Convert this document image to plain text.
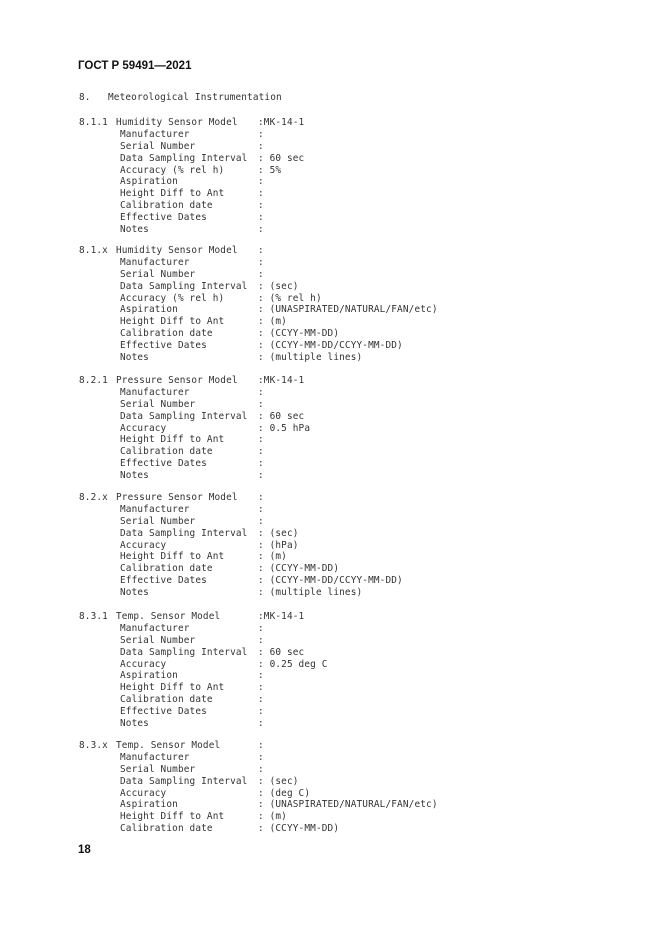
ГОСТ Р 59491—2021
8. Meteorological Instrumentation
8.1.1 Humidity Sensor Model :MK-14-1
Manufacturer	:
Serial Number	:
Data Sampling Interval : 60 sec
Accuracy (% rel h)	: 5%
Aspiration	:
Height Diff to Ant	:
Calibration date	:
Effective Dates	:
Notes	:
8.1.x Humidity Sensor Model :
Manufacturer	:
Serial Number	:
Data Sampling Interval : (sec)
Accuracy (% rel h)	: (% rel h)
Aspiration	: (UNASPIRATED/NATURAL/FAN/etc)
Height Diff to Ant	: (m)
Calibration date	: (CCYY-MM-DD)
Effective Dates	: (CCYY-MM-DD/CCYY-MM-DD)
Notes	: (multiple lines)
8.2.1 Pressure Sensor Model :MK-14-1
Manufacturer	:
Serial Number	:
Data Sampling Interval : 60 sec
Accuracy	: 0.5 hPa
Height Diff to Ant	:
Calibration date	:
Effective Dates	:
Notes	:
8.2.x Pressure Sensor Model :
Manufacturer	:
Serial Number	:
Data Sampling Interval : (sec)
Accuracy	: (hPa)
Height Diff to Ant	: (m)
Calibration date	: (CCYY-MM-DD)
Effective Dates	: (CCYY-MM-DD/CCYY-MM-DD)
Notes	: (multiple lines)
8.3.1 Temp. Sensor Model	:MK-14-1
Manufacturer	:
Serial Number	:
Data Sampling Interval : 60 sec
Accuracy	: 0.25 deg C
Aspiration	:
Height Diff to Ant	:
Calibration date	:
Effective Dates	:
Notes	:
8.3.x Temp. Sensor Model	:
Manufacturer	:
Serial Number	:
Data Sampling Interval : (sec)
Accuracy	: (deg C)
Aspiration	: (UNASPIRATED/NATURAL/FAN/etc)
Height Diff to Ant	: (m)
Calibration date	: (CCYY-MM-DD)
18
